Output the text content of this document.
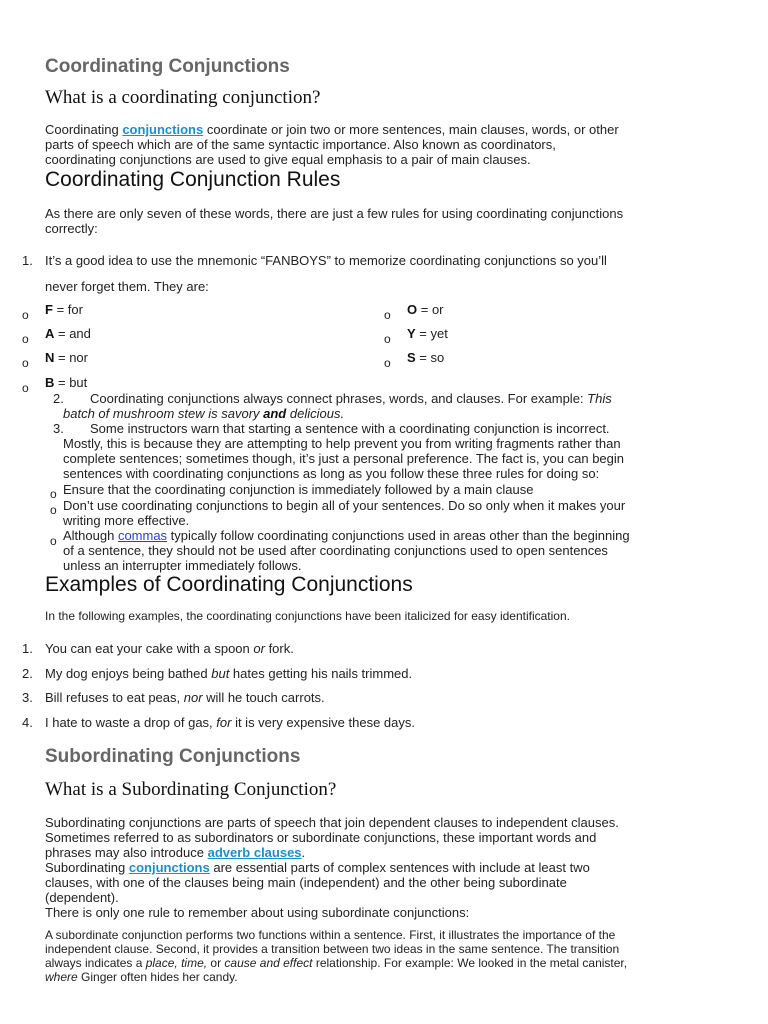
Coordinating Conjunctions
What is a coordinating conjunction?
Coordinating conjunctions coordinate or join two or more sentences, main clauses, words, or other
parts of speech which are of the same syntactic importance. Also known as coordinators,
coordinating conjunctions are used to give equal emphasis to a pair of main clauses.
Coordinating Conjunction Rules
As there are only seven of these words, there are just a few rules for using coordinating conjunctions
correctly:
1. It’s a good idea to use the mnemonic “FANBOYS” to memorize coordinating conjunctions so you’ll
never forget them. They are:
o F = for
o A = and
o N = nor
o B = but
o O = or
o Y = yet
o S = so
2. Coordinating conjunctions always connect phrases, words, and clauses. For example: This
batch of mushroom stew is savory and delicious.
3. Some instructors warn that starting a sentence with a coordinating conjunction is incorrect.
Mostly, this is because they are attempting to help prevent you from writing fragments rather than
complete sentences; sometimes though, it’s just a personal preference. The fact is, you can begin
sentences with coordinating conjunctions as long as you follow these three rules for doing so:
o Ensure that the coordinating conjunction is immediately followed by a main clause
o Don’t use coordinating conjunctions to begin all of your sentences. Do so only when it makes your
writing more effective.
o Although commas typically follow coordinating conjunctions used in areas other than the beginning
of a sentence, they should not be used after coordinating conjunctions used to open sentences
unless an interrupter immediately follows.
Examples of Coordinating Conjunctions
In the following examples, the coordinating conjunctions have been italicized for easy identification.
1. You can eat your cake with a spoon or fork.
2. My dog enjoys being bathed but hates getting his nails trimmed.
3. Bill refuses to eat peas, nor will he touch carrots.
4. I hate to waste a drop of gas, for it is very expensive these days.
Subordinating Conjunctions
What is a Subordinating Conjunction?
Subordinating conjunctions are parts of speech that join dependent clauses to independent clauses.
Sometimes referred to as subordinators or subordinate conjunctions, these important words and
phrases may also introduce adverb clauses.
Subordinating conjunctions are essential parts of complex sentences with include at least two
clauses, with one of the clauses being main (independent) and the other being subordinate
(dependent).
There is only one rule to remember about using subordinate conjunctions:
A subordinate conjunction performs two functions within a sentence. First, it illustrates the importance of the
independent clause. Second, it provides a transition between two ideas in the same sentence. The transition
always indicates a place, time, or cause and effect relationship. For example: We looked in the metal canister,
where Ginger often hides her candy.
